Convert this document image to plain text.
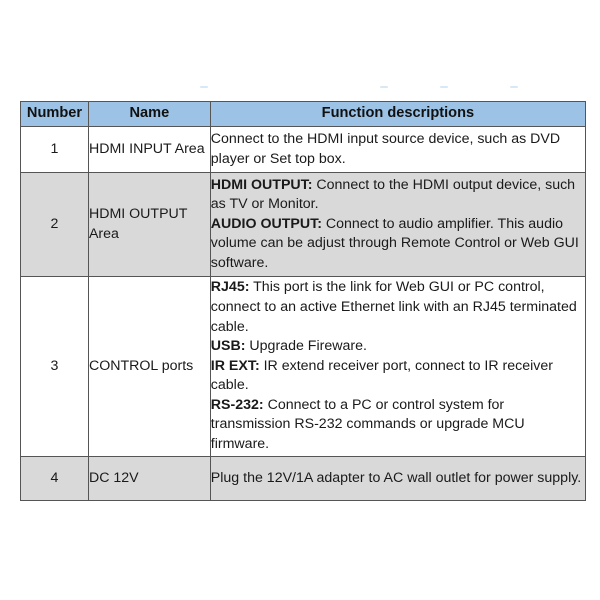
Number	Name	Function descriptions
1	HDMI INPUT Area	Connect to the HDMI input source device, such as DVD player or Set top box.
2	HDMI OUTPUT Area	HDMI OUTPUT: Connect to the HDMI output device, such as TV or Monitor.
AUDIO OUTPUT: Connect to audio amplifier. This audio volume can be adjust through Remote Control or Web GUI software.

3	CONTROL ports	RJ45: This port is the link for Web GUI or PC control, connect to an active Ethernet link with an RJ45 terminated cable.
USB: Upgrade Fireware.
IR EXT: IR extend receiver port, connect to IR receiver cable.
RS-232: Connect to a PC or control system for transmission RS-232 commands or upgrade MCU firmware.

4	DC 12V	Plug the 12V/1A adapter to AC wall outlet for power supply.
